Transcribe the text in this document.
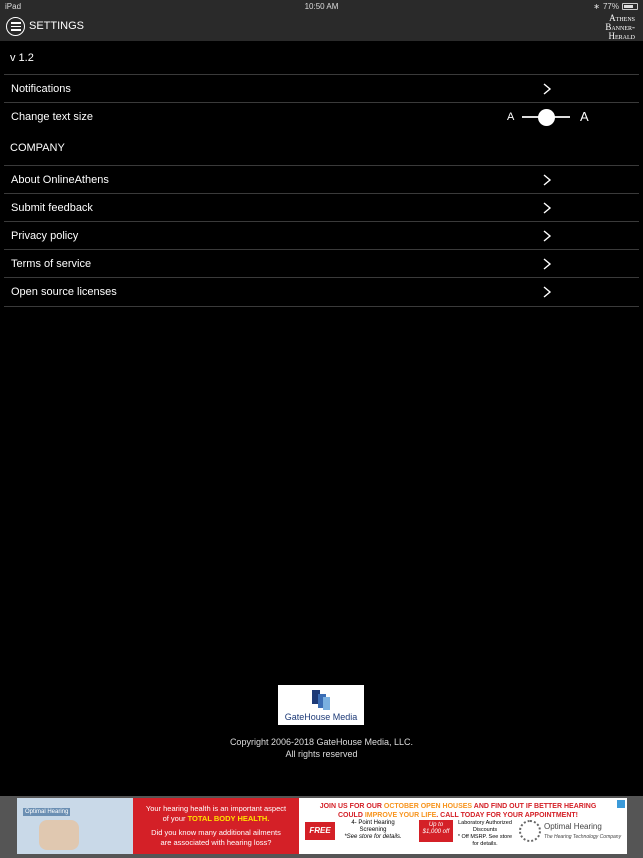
iPad	10:50 AM	∗ 77%
SETTINGS
Athens
Banner-
Herald
v 1.2
Notifications
Change text size	A	A
COMPANY
About OnlineAthens
Submit feedback
Privacy policy
Terms of service
Open source licenses
GateHouse Media
Copyright 2006-2018 GateHouse Media, LLC.
All rights reserved
Optimal Hearing	Your hearing health is an important aspect
of your TOTAL BODY HEALTH.
Did you know many additional ailments
are associated with hearing loss?
JOIN US FOR OUR OCTOBER OPEN HOUSES AND FIND OUT IF BETTER HEARING
COULD IMPROVE YOUR LIFE. CALL TODAY FOR YOUR APPOINTMENT!
FREE
4- Point Hearing Screening
*See store for details.
Up to $1,000 off
Laboratory Authorized Discounts
* Off MSRP. See store for details.
Optimal Hearing
The Hearing Technology Company
